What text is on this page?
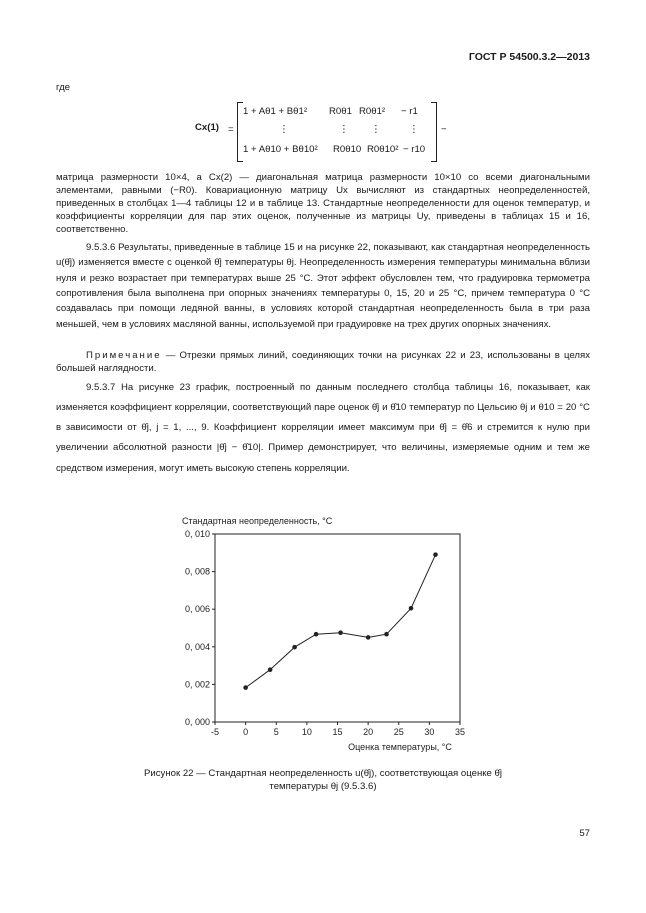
ГОСТ Р 54500.3.2—2013
где
Cx(1) =
1 + Aθ1 + Bθ1² R0θ1 R0θ1² − r1
⋮	⋮ ⋮	⋮
1 + Aθ10 + Bθ10² R0θ10 R0θ10² − r10
−
матрица размерности 10×4, а Cx(2) — диагональная матрица размерности 10×10 со всеми диагональными элементами, равными (−R0). Ковариационную матрицу Ux вычисляют из стандартных неопределенностей, приведенных в столбцах 1—4 таблицы 12 и в таблице 13. Стандартные неопределенности для оценок температур, и коэффициенты корреляции для пар этих оценок, полученные из матрицы Uy, приведены в таблицах 15 и 16, соответственно.
9.5.3.6 Результаты, приведенные в таблице 15 и на рисунке 22, показывают, как стандартная неопределенность u(θ̂j) изменяется вместе с оценкой θ̂j температуры θj. Неопределенность измерения температуры минимальна вблизи нуля и резко возрастает при температурах выше 25 °С. Этот эффект обусловлен тем, что градуировка термометра сопротивления была выполнена при опорных значениях температуры 0, 15, 20 и 25 °С, причем температура 0 °С создавалась при помощи ледяной ванны, в условиях которой стандартная неопределенность была в три раза меньшей, чем в условиях масляной ванны, используемой при градуировке на трех других опорных значениях.
Примечание — Отрезки прямых линий, соединяющих точки на рисунках 22 и 23, использованы в целях большей наглядности.
9.5.3.7 На рисунке 23 график, построенный по данным последнего столбца таблицы 16, показывает, как изменяется коэффициент корреляции, соответствующий паре оценок θ̂j и θ̂10 температур по Цельсию θj и θ10 = 20 °С в зависимости от θ̂j, j = 1, ..., 9. Коэффициент корреляции имеет максимум при θ̂j = θ̂6 и стремится к нулю при увеличении абсолютной разности |θ̂j − θ̂10|. Пример демонстрирует, что величины, измеряемые одним и тем же средством измерения, могут иметь высокую степень корреляции.
Стандартная неопределенность, °С
0, 000
0, 002
0, 004
0, 006
0, 008
0, 010
-5	0	5	10 15 20 25 30 35
Оценка температуры, °С
Рисунок 22 — Стандартная неопределенность u(θ̂j), соответствующая оценке θ̂j
температуры θj (9.5.3.6)
57
